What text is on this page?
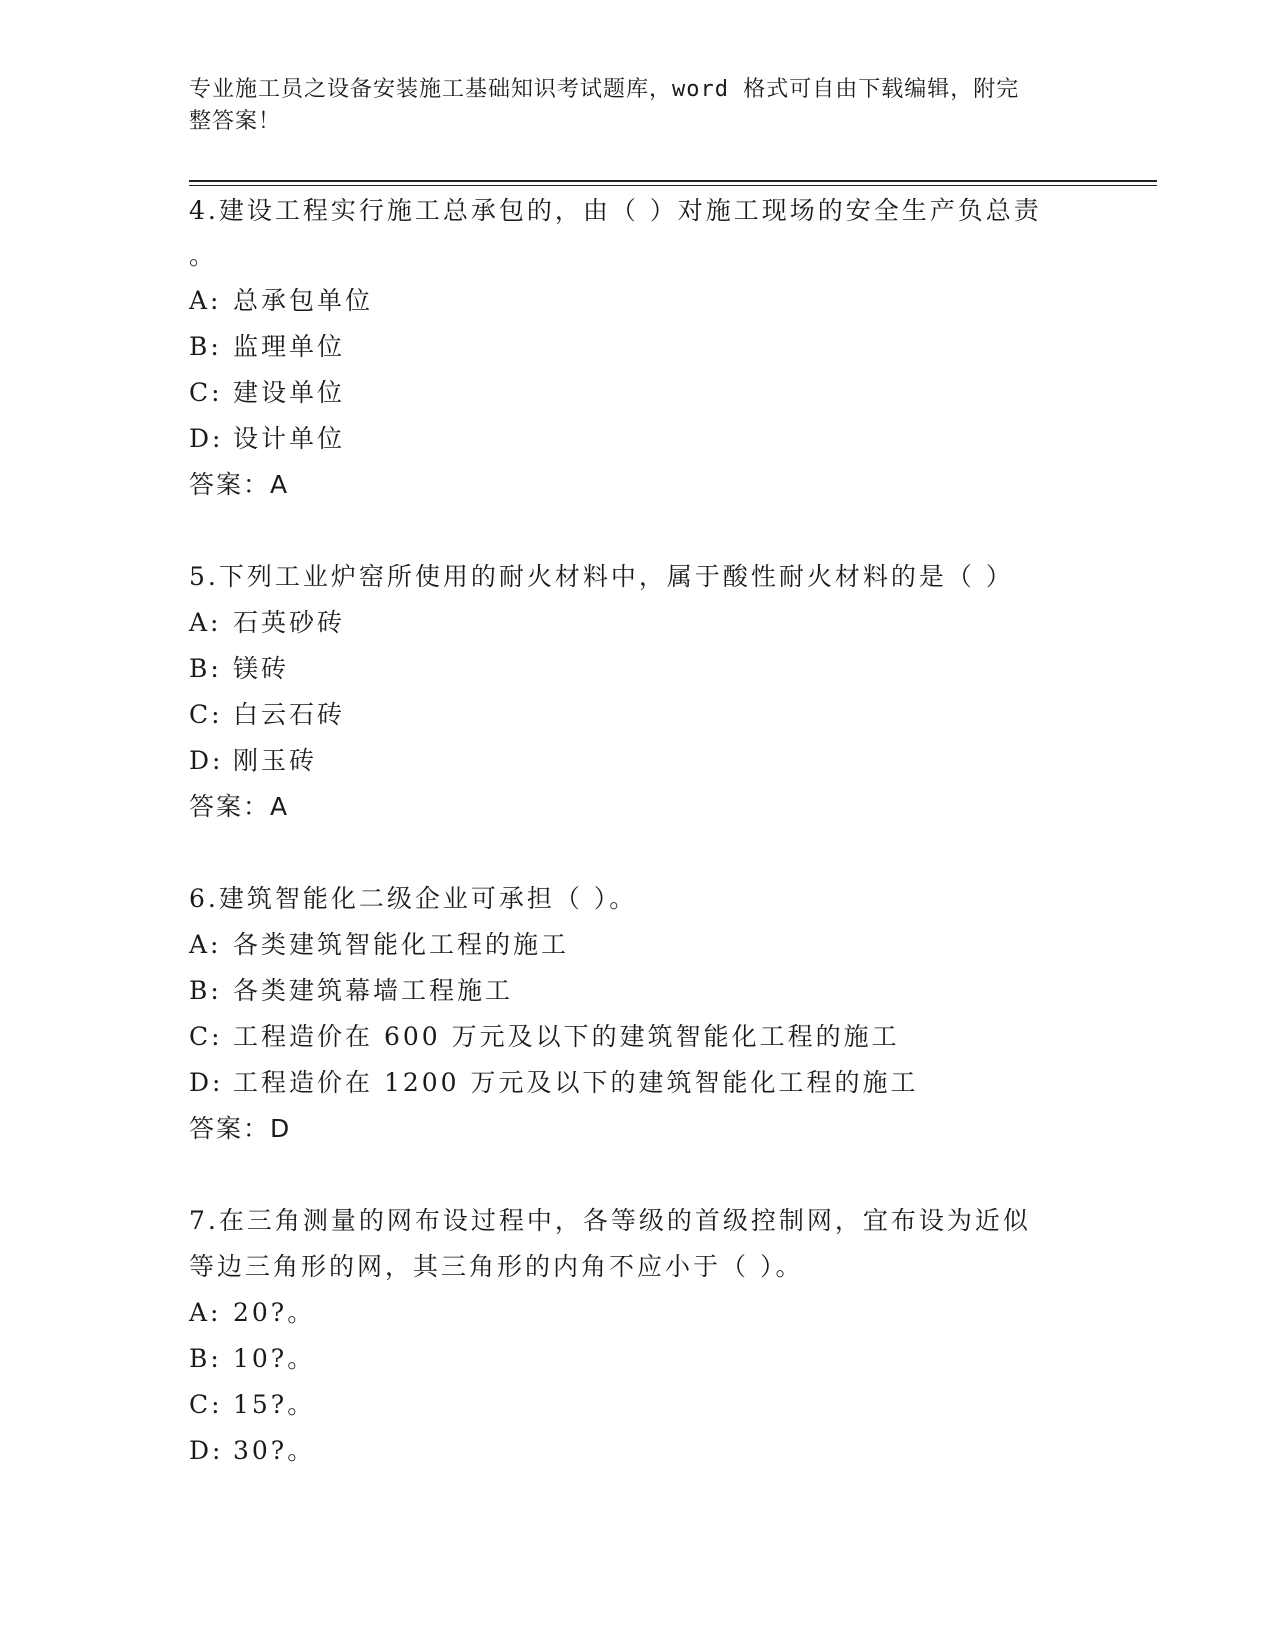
专业施工员之设备安装施工基础知识考试题库，word 格式可自由下载编辑，附完
整答案！
4.建设工程实行施工总承包的，由（ ）对施工现场的安全生产负总责
。
A: 总承包单位
B: 监理单位
C: 建设单位
D: 设计单位
答案：A
5.下列工业炉窑所使用的耐火材料中，属于酸性耐火材料的是（ ）
A: 石英砂砖
B: 镁砖
C: 白云石砖
D: 刚玉砖
答案：A
6.建筑智能化二级企业可承担（ ）。
A: 各类建筑智能化工程的施工
B: 各类建筑幕墙工程施工
C: 工程造价在 600 万元及以下的建筑智能化工程的施工
D: 工程造价在 1200 万元及以下的建筑智能化工程的施工
答案：D
7.在三角测量的网布设过程中，各等级的首级控制网，宜布设为近似
等边三角形的网，其三角形的内角不应小于（ ）。
A: 20?。
B: 10?。
C: 15?。
D: 30?。
